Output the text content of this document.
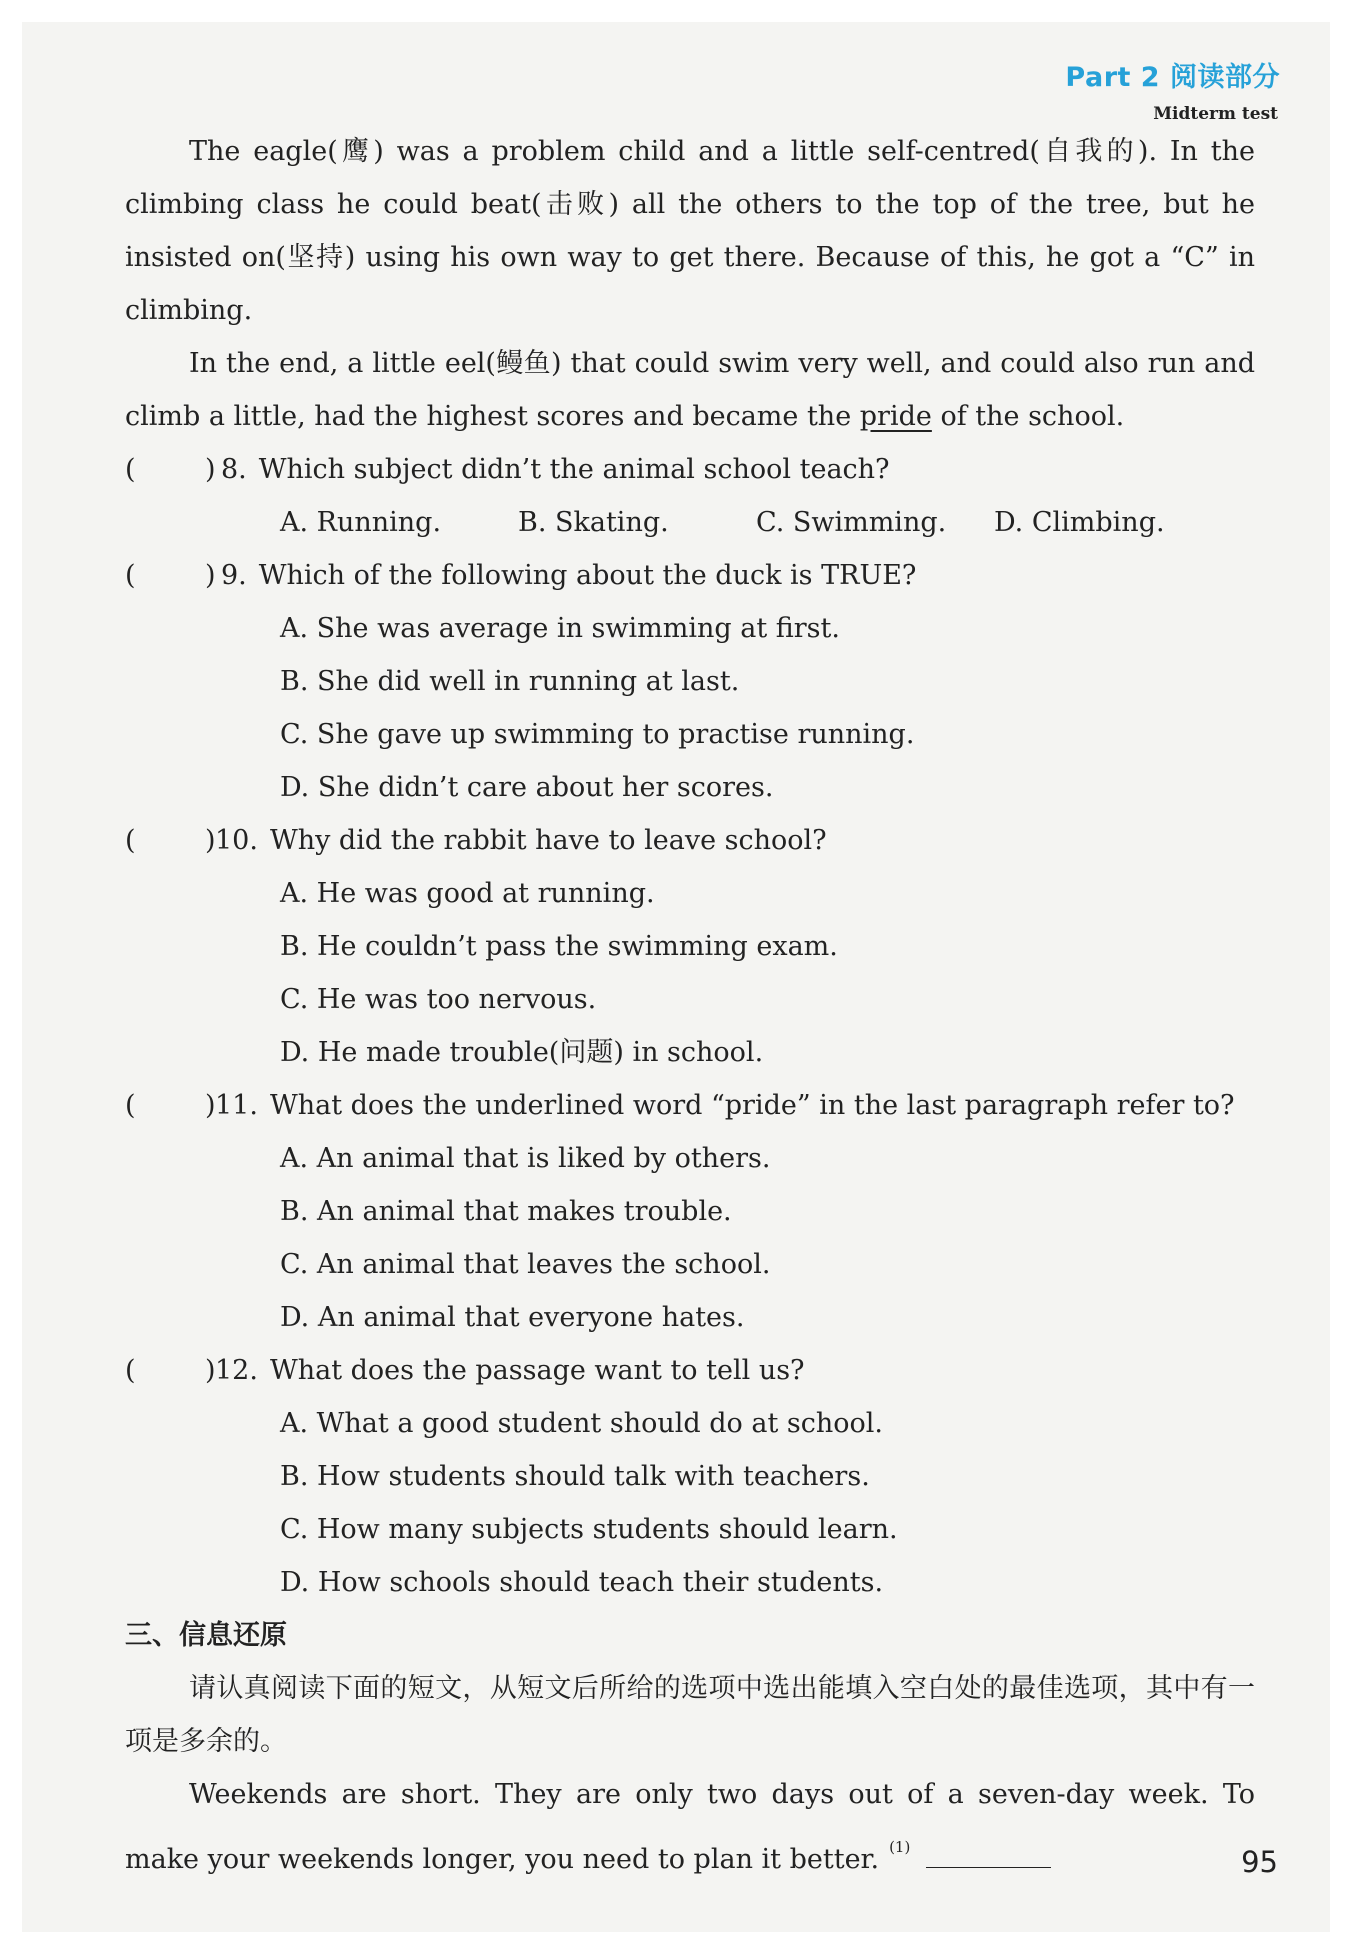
Part 2 阅读部分
Midterm test

The eagle(鹰) was a problem child and a little self-centred(自我的). In the climbing class he could beat(击败) all the others to the top of the tree, but he insisted on(坚持) using his own way to get there. Because of this, he got a “C” in climbing.

In the end, a little eel(鳗鱼) that could swim very well, and could also run and climb a little, had the highest scores and became the pride of the school.

(	) 8. Which subject didn’t the animal school teach?
A. Running.	B. Skating.	C. Swimming.	D. Climbing.
(	) 9. Which of the following about the duck is TRUE?
A. She was average in swimming at first.
B. She did well in running at last.
C. She gave up swimming to practise running.
D. She didn’t care about her scores.
(	) 10. Why did the rabbit have to leave school?
A. He was good at running.
B. He couldn’t pass the swimming exam.
C. He was too nervous.
D. He made trouble(问题) in school.
(	) 11. What does the underlined word “pride” in the last paragraph refer to?
A. An animal that is liked by others.
B. An animal that makes trouble.
C. An animal that leaves the school.
D. An animal that everyone hates.
(	) 12. What does the passage want to tell us?
A. What a good student should do at school.
B. How students should talk with teachers.
C. How many subjects students should learn.
D. How schools should teach their students.
三、信息还原

请认真阅读下面的短文，从短文后所给的选项中选出能填入空白处的最佳选项，其中有一项是多余的。

Weekends are short. They are only two days out of a seven-day week. To make your weekends longer, you need to plan it better. $^{(1)}$	95
